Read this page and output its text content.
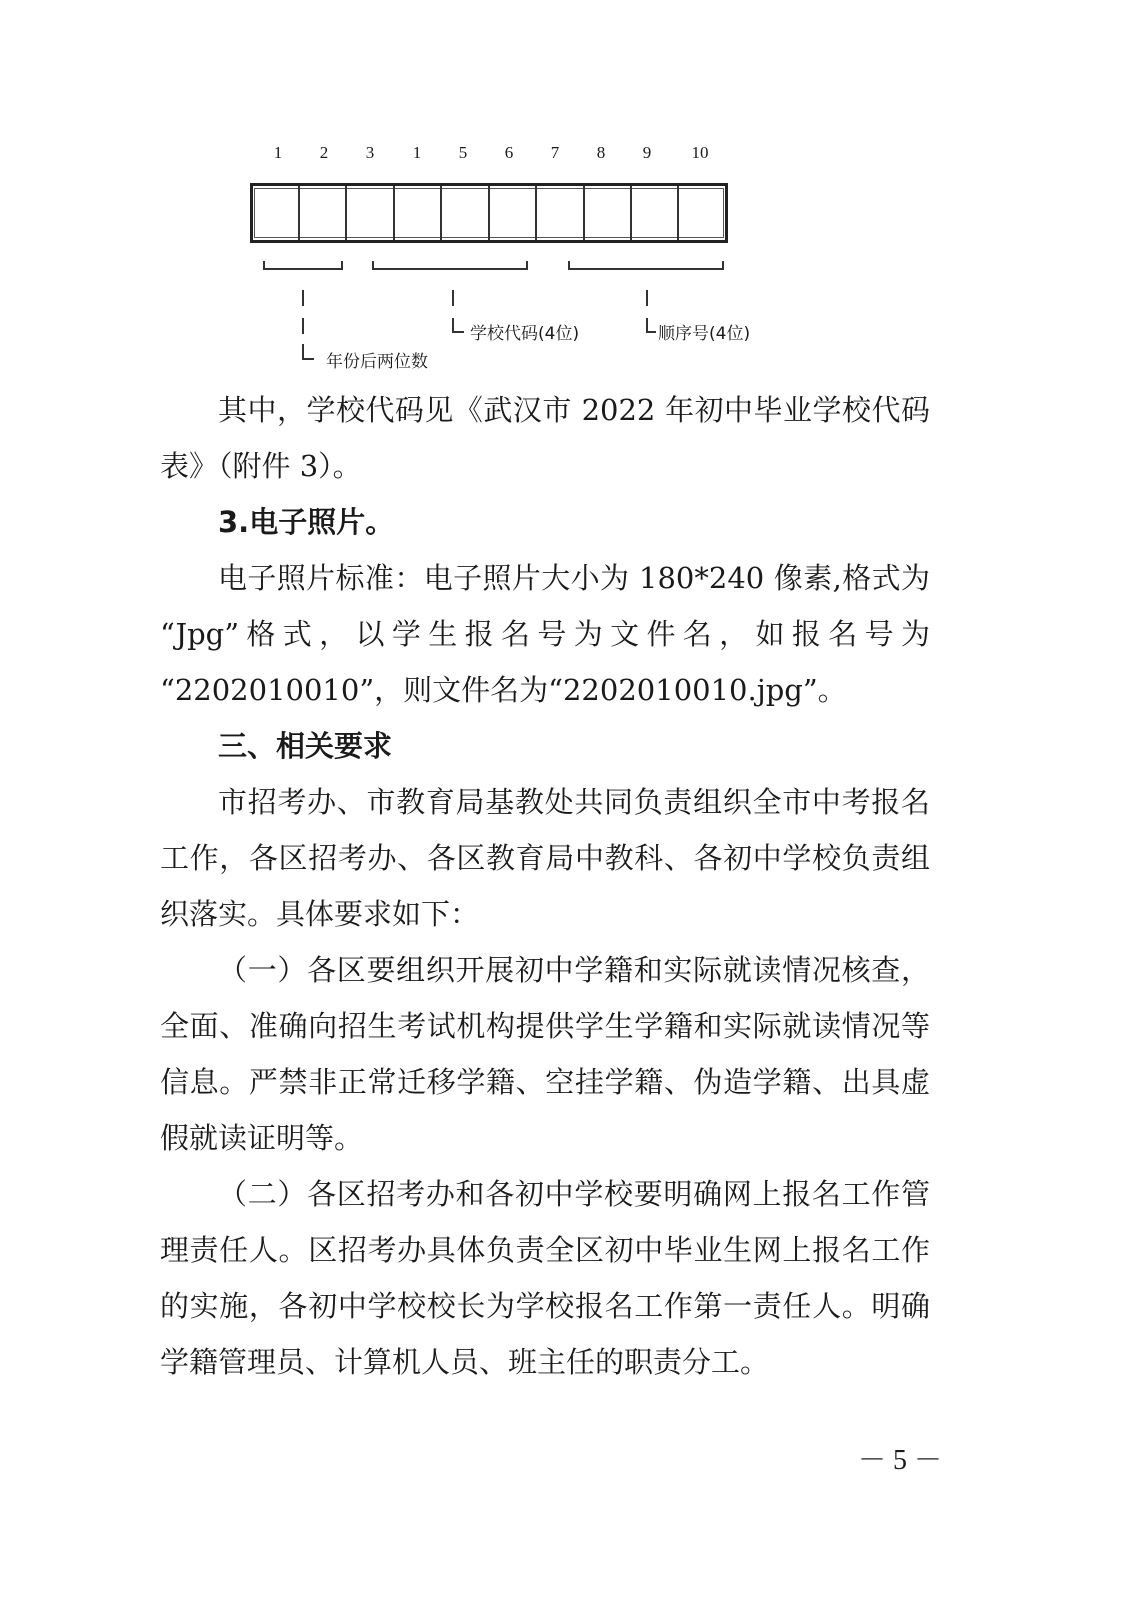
1	2	3	1	5	6	7	8	9	10
年份后两位数
学校代码(4位)	顺序号(4位)
其中，学校代码见《武汉市 2022 年初中毕业学校代码
表》（附件 3）。
3.电子照片。
电子照片标准：电子照片大小为 180*240 像素,格式为
“Jpg”格式，以学生报名号为文件名，如报名号为
“2202010010”，则文件名为“2202010010.jpg”。
三、相关要求
市招考办、市教育局基教处共同负责组织全市中考报名
工作，各区招考办、各区教育局中教科、各初中学校负责组
织落实。具体要求如下：
（一）各区要组织开展初中学籍和实际就读情况核查，
全面、准确向招生考试机构提供学生学籍和实际就读情况等
信息。严禁非正常迁移学籍、空挂学籍、伪造学籍、出具虚
假就读证明等。
（二）各区招考办和各初中学校要明确网上报名工作管
理责任人。区招考办具体负责全区初中毕业生网上报名工作
的实施，各初中学校校长为学校报名工作第一责任人。明确
学籍管理员、计算机人员、班主任的职责分工。
－ 5 －
